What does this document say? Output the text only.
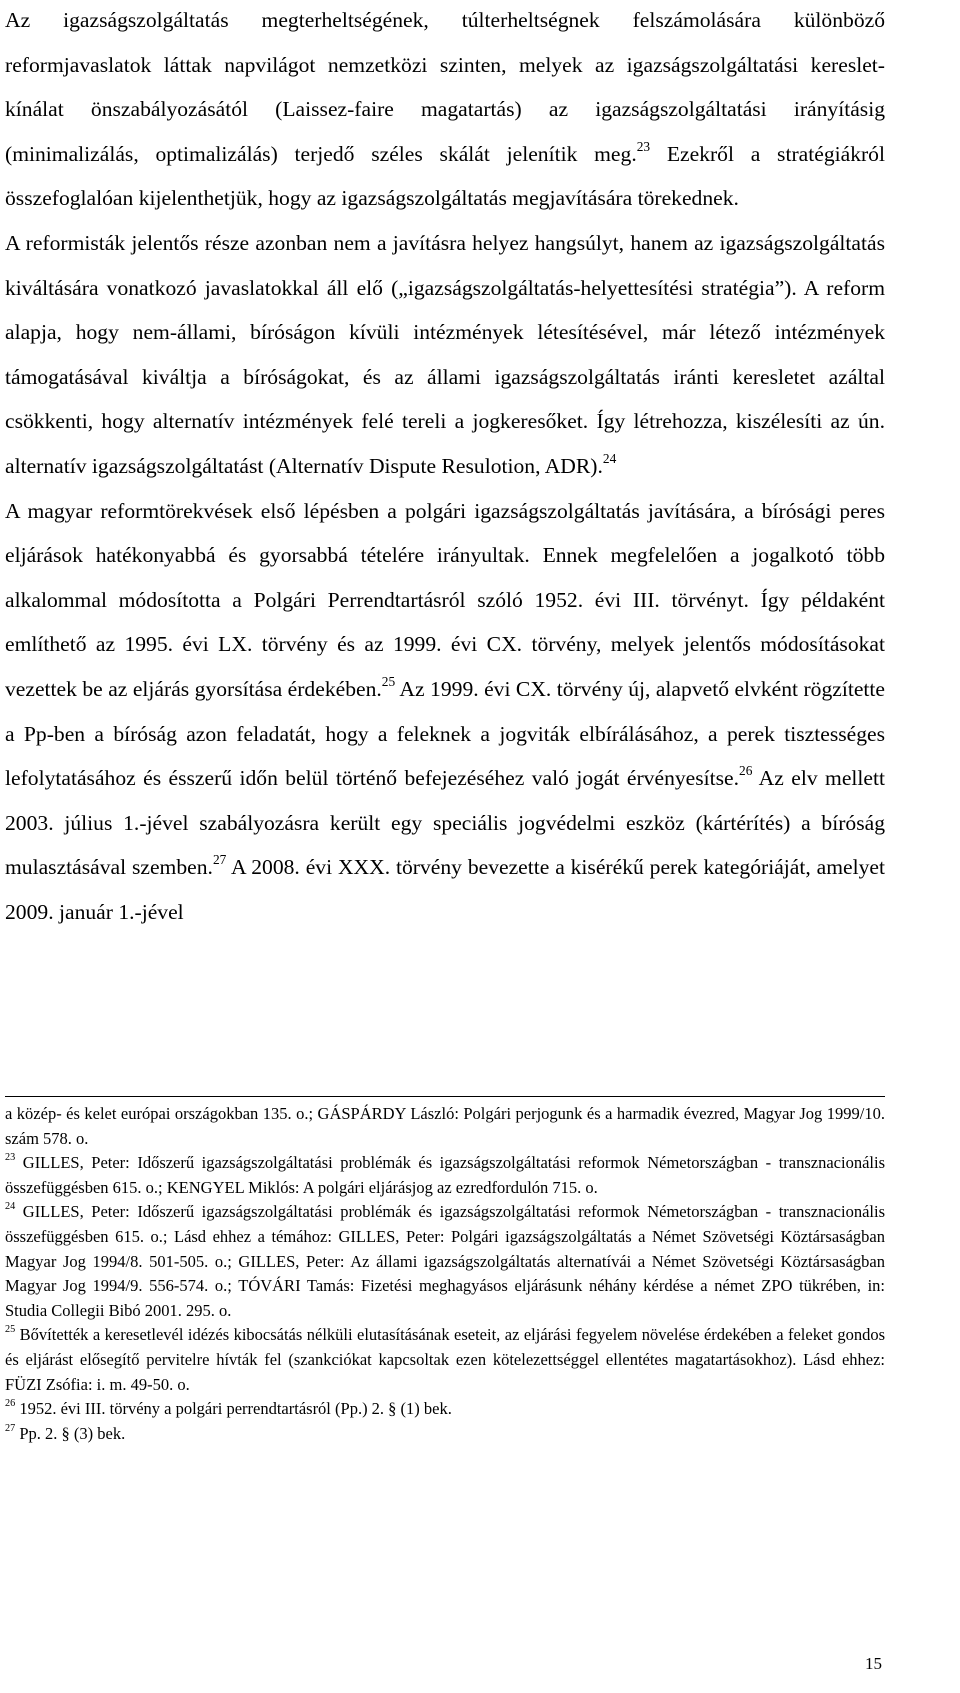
Az igazságszolgáltatás megterheltségének, túlterheltségnek felszámolására különböző reformjavaslatok láttak napvilágot nemzetközi szinten, melyek az igazságszolgáltatási kereslet-kínálat önszabályozásától (Laissez-faire magatartás) az igazságszolgáltatási irányításig (minimalizálás, optimalizálás) terjedő széles skálát jelenítik meg.$^{23}$ Ezekről a stratégiákról összefoglalóan kijelenthetjük, hogy az igazságszolgáltatás megjavítására törekednek.

A reformisták jelentős része azonban nem a javításra helyez hangsúlyt, hanem az igazságszolgáltatás kiváltására vonatkozó javaslatokkal áll elő („igazságszolgáltatás-helyettesítési stratégia”). A reform alapja, hogy nem-állami, bíróságon kívüli intézmények létesítésével, már létező intézmények támogatásával kiváltja a bíróságokat, és az állami igazságszolgáltatás iránti keresletet azáltal csökkenti, hogy alternatív intézmények felé tereli a jogkeresőket. Így létrehozza, kiszélesíti az ún. alternatív igazságszolgáltatást (Alternatív Dispute Resulotion, ADR).$^{24}$

A magyar reformtörekvések első lépésben a polgári igazságszolgáltatás javítására, a bírósági peres eljárások hatékonyabbá és gyorsabbá tételére irányultak. Ennek megfelelően a jogalkotó több alkalommal módosította a Polgári Perrendtartásról szóló 1952. évi III. törvényt. Így példaként említhető az 1995. évi LX. törvény és az 1999. évi CX. törvény, melyek jelentős módosításokat vezettek be az eljárás gyorsítása érdekében.$^{25}$ Az 1999. évi CX. törvény új, alapvető elvként rögzítette a Pp-ben a bíróság azon feladatát, hogy a feleknek a jogviták elbírálásához, a perek tisztességes lefolytatásához és ésszerű időn belül történő befejezéséhez való jogát érvényesítse.$^{26}$ Az elv mellett 2003. július 1.-jével szabályozásra került egy speciális jogvédelmi eszköz (kártérítés) a bíróság mulasztásával szemben.$^{27}$ A 2008. évi XXX. törvény bevezette a kisérékű perek kategóriáját, amelyet 2009. január 1.-jével

a közép- és kelet európai országokban 135. o.; GÁSPÁRDY László: Polgári perjogunk és a harmadik évezred, Magyar Jog 1999/10. szám 578. o.

$^{23}$ GILLES, Peter: Időszerű igazságszolgáltatási problémák és igazságszolgáltatási reformok Németországban - transznacionális összefüggésben 615. o.; KENGYEL Miklós: A polgári eljárásjog az ezredfordulón 715. o.

$^{24}$ GILLES, Peter: Időszerű igazságszolgáltatási problémák és igazságszolgáltatási reformok Németországban - transznacionális összefüggésben 615. o.; Lásd ehhez a témához: GILLES, Peter: Polgári igazságszolgáltatás a Német Szövetségi Köztársaságban Magyar Jog 1994/8. 501-505. o.; GILLES, Peter: Az állami igazságszolgáltatás alternatívái a Német Szövetségi Köztársaságban Magyar Jog 1994/9. 556-574. o.; TÓVÁRI Tamás: Fizetési meghagyásos eljárásunk néhány kérdése a német ZPO tükrében, in: Studia Collegii Bibó 2001. 295. o.

$^{25}$ Bővítették a keresetlevél idézés kibocsátás nélküli elutasításának eseteit, az eljárási fegyelem növelése érdekében a feleket gondos és eljárást elősegítő pervitelre hívták fel (szankciókat kapcsoltak ezen kötelezettséggel ellentétes magatartásokhoz). Lásd ehhez: FÜZI Zsófia: i. m. 49-50. o.

$^{26}$ 1952. évi III. törvény a polgári perrendtartásról (Pp.) 2. § (1) bek.

$^{27}$ Pp. 2. § (3) bek.

15
